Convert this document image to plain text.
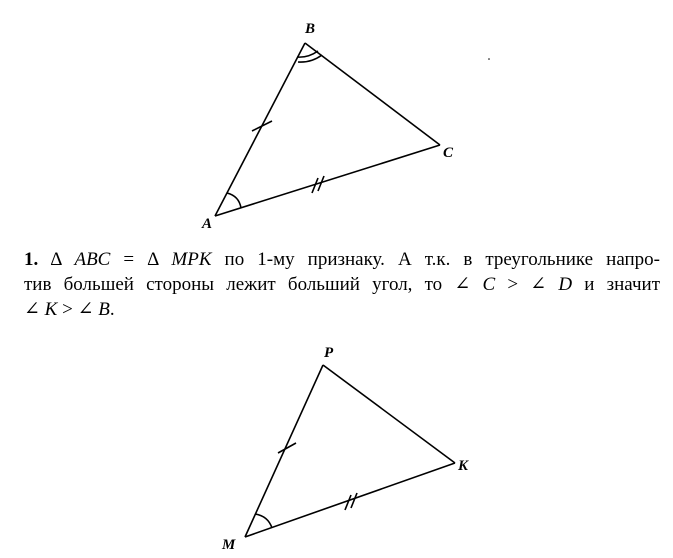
A
B
C
1. Δ ABC = Δ MPK по 1-му признаку. А т.к. в треугольнике напро-
тив большей стороны лежит больший угол, то ∠ C > ∠ D и значит
∠ K > ∠ B.
M
P
K
